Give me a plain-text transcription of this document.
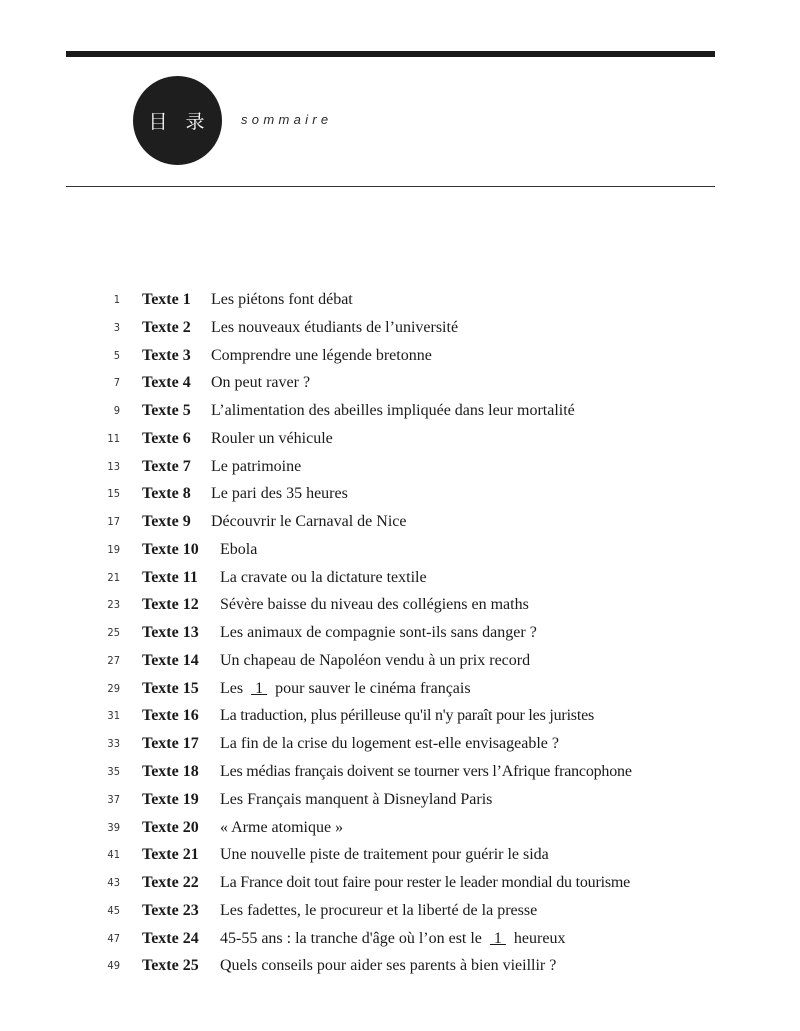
目 录 sommaire
1 Texte 1 Les piétons font débat
3 Texte 2 Les nouveaux étudiants de l’université
5 Texte 3 Comprendre une légende bretonne
7 Texte 4 On peut raver ?
9 Texte 5 L’alimentation des abeilles impliquée dans leur mortalité
11 Texte 6 Rouler un véhicule
13 Texte 7 Le patrimoine
15 Texte 8 Le pari des 35 heures
17 Texte 9 Découvrir le Carnaval de Nice
19 Texte 10 Ebola
21 Texte 11 La cravate ou la dictature textile
23 Texte 12 Sévère baisse du niveau des collégiens en maths
25 Texte 13 Les animaux de compagnie sont-ils sans danger ?
27 Texte 14 Un chapeau de Napoléon vendu à un prix record
29 Texte 15 Les  1  pour sauver le cinéma français
31 Texte 16 La traduction, plus périlleuse qu'il n'y paraît pour les juristes
33 Texte 17 La fin de la crise du logement est-elle envisageable ?
35 Texte 18 Les médias français doivent se tourner vers l’Afrique francophone
37 Texte 19 Les Français manquent à Disneyland Paris
39 Texte 20 « Arme atomique »
41 Texte 21 Une nouvelle piste de traitement pour guérir le sida
43 Texte 22 La France doit tout faire pour rester le leader mondial du tourisme
45 Texte 23 Les fadettes, le procureur et la liberté de la presse
47 Texte 24 45-55 ans : la tranche d'âge où l’on est le  1  heureux
49 Texte 25 Quels conseils pour aider ses parents à bien vieillir ?
